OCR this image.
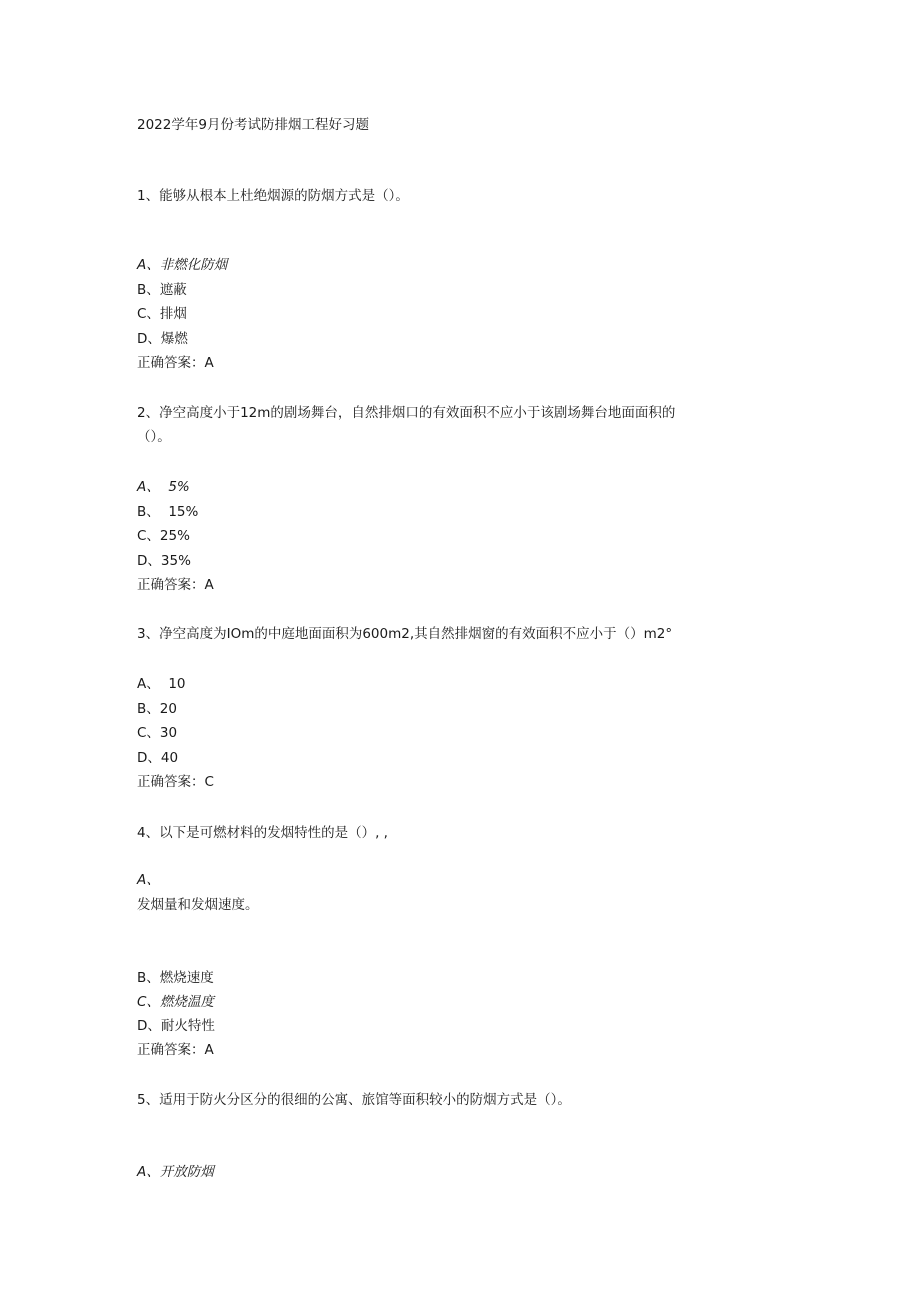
2022学年9月份考试防排烟工程好习题
1、能够从根本上杜绝烟源的防烟方式是（）。
A、非燃化防烟
B、遮蔽
C、排烟
D、爆燃
正确答案：A
2、净空高度小于12m的剧场舞台，自然排烟口的有效面积不应小于该剧场舞台地面面积的
（）。
A、  5%
B、  15%
C、25%
D、35%
正确答案：A
3、净空高度为IOm的中庭地面面积为600m2,其自然排烟窗的有效面积不应小于（）m2°
A、  10
B、20
C、30
D、40
正确答案：C
4、以下是可燃材料的发烟特性的是（）, ,
A、
发烟量和发烟速度。
B、燃烧速度
C、燃烧温度
D、耐火特性
正确答案：A
5、适用于防火分区分的很细的公寓、旅馆等面积较小的防烟方式是（）。
A、开放防烟
